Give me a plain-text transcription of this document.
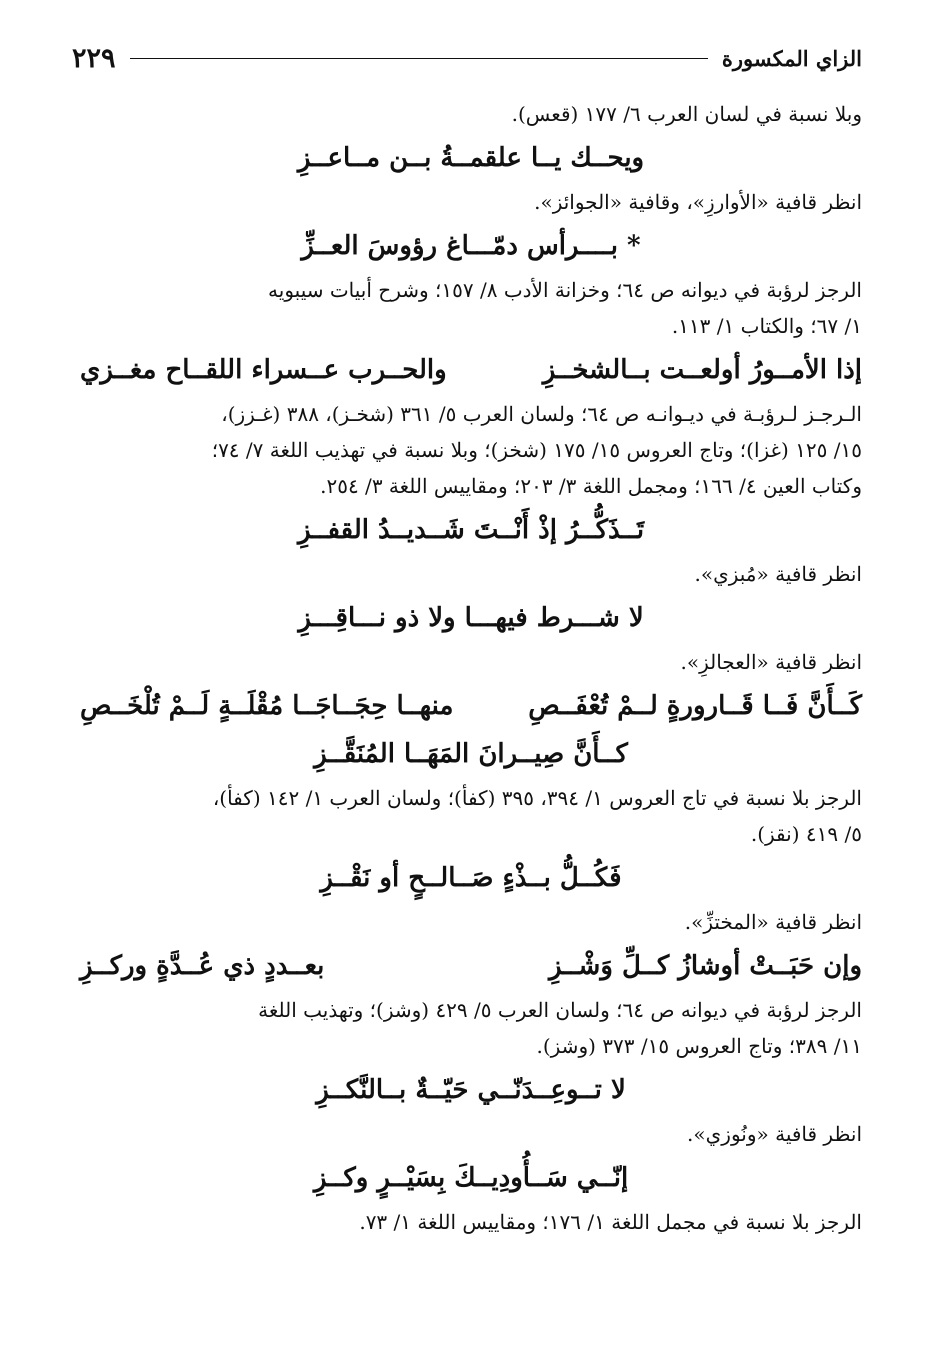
٢٢٩	الزاي المكسورة

وبلا نسبة في لسان العرب ٦/ ١٧٧ (قعس).

ويحــك يــا علقمــةُ بــن مــاعــزِ

انظر قافية «الأوارزِ»، وقافية «الجوائز».

* بــــرأس دمّـــاغ رؤوسَ العــزِّ

الرجز لرؤبة في ديوانه ص ٦٤؛ وخزانة الأدب ٨/ ١٥٧؛ وشرح أبيات سيبويه

١/ ٦٧؛ والكتاب ١/ ١١٣.

إذا الأمــورُ أولعــت بــالشخــزِ
والحــرب عــسراء اللقــاح مغــزي

الـرجـز لـرؤبـة في ديـوانـه ص ٦٤؛ ولسان العرب ٥/ ٣٦١ (شخـز)، ٣٨٨ (غـزز)،

١٥/ ١٢٥ (غزا)؛ وتاج العروس ١٥/ ١٧٥ (شخز)؛ وبلا نسبة في تهذيب اللغة ٧/ ٧٤؛

وكتاب العين ٤/ ١٦٦؛ ومجمل اللغة ٣/ ٢٠٣؛ ومقاييس اللغة ٣/ ٢٥٤.

تَــذَكُّــرُ إذْ أَنْــتَ شَــديــدُ القفــزِ

انظر قافية «مُبزي».

لا شـــرط فيهـــا ولا ذو نـــاقِـــزِ

انظر قافية «العجالزِ».

كَــأَنَّ فَــا قَــارورةٍ لــمْ تُعْفَــصِ
منهــا حِجَــاجَــا مُقْلَــةٍ لَــمْ تُلْخَــصِ
كــأَنَّ صِيــرانَ المَهَــا المُنَقَّــزِ

الرجز بلا نسبة في تاج العروس ١/ ٣٩٤، ٣٩٥ (كفأ)؛ ولسان العرب ١/ ١٤٢ (كفأ)،

٥/ ٤١٩ (نقز).

فَكُــلُّ بــذْءٍ صَــالــحٍ أو نَقْــزِ

انظر قافية «المختزِّ».

وإن حَبَــتْ أوشازُ كــلِّ وَشْــزِ
بعــددٍ ذي عُــدَّةٍ وركــزِ

الرجز لرؤبة في ديوانه ص ٦٤؛ ولسان العرب ٥/ ٤٢٩ (وشز)؛ وتهذيب اللغة

١١/ ٣٨٩؛ وتاج العروس ١٥/ ٣٧٣ (وشز).

لا تــوعِــدَنّــي حَيّــةٌ بــالنَّكــزِ

انظر قافية «ونُوزي».

إنّــي سَــأُودِيــكَ بِسَيْــرٍ وكــزِ

الرجز بلا نسبة في مجمل اللغة ١/ ١٧٦؛ ومقاييس اللغة ١/ ٧٣.
